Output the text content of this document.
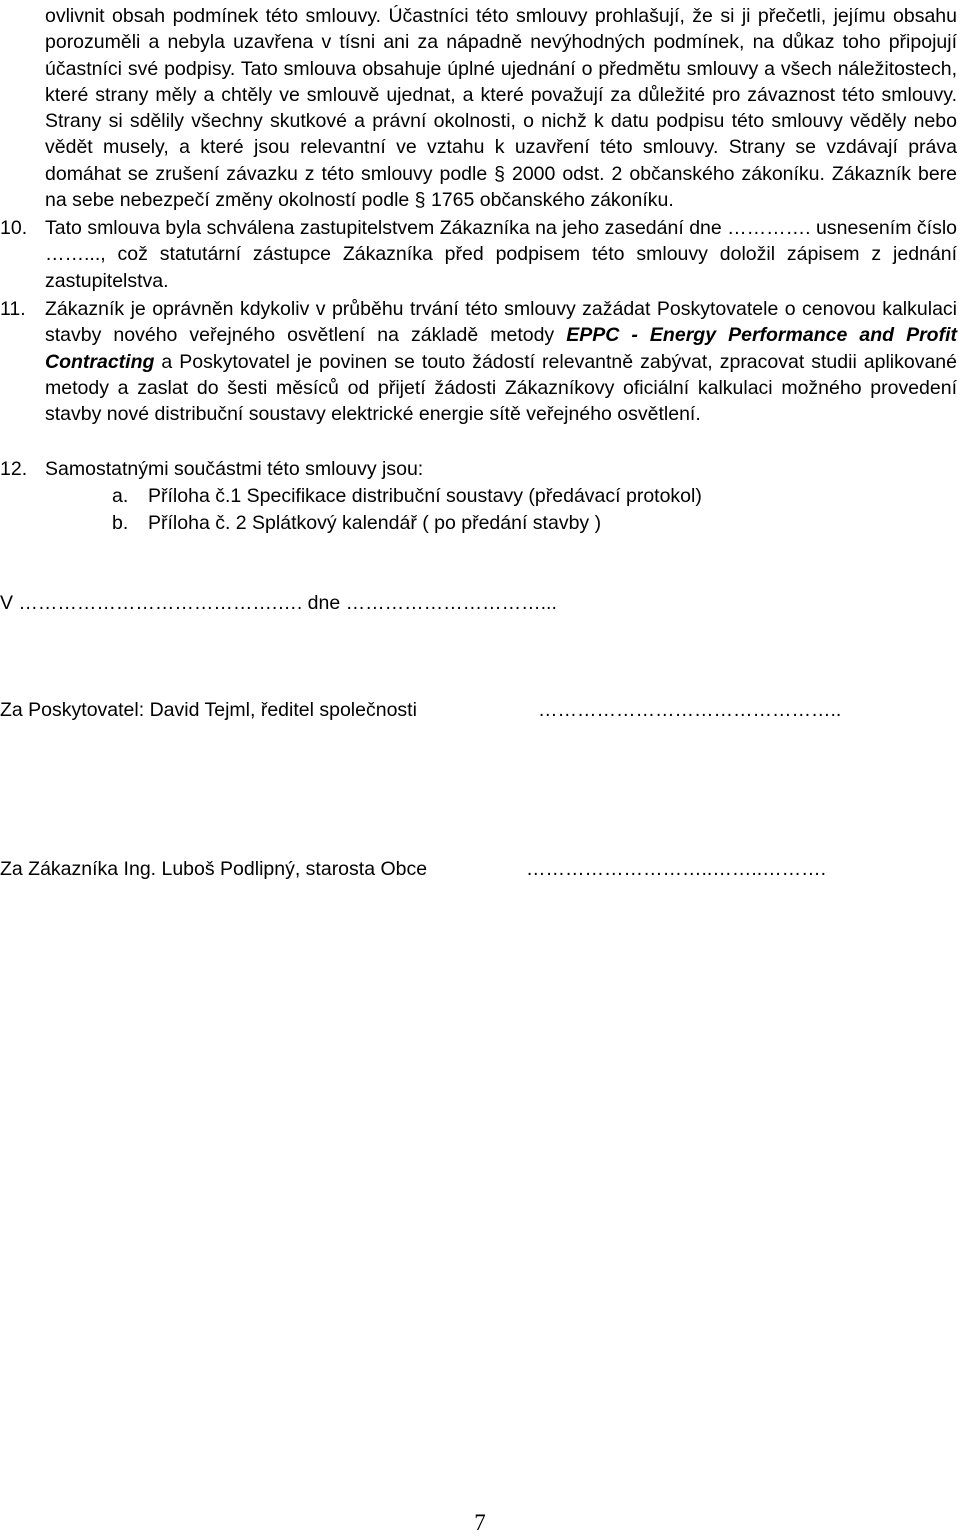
ovlivnit obsah podmínek této smlouvy. Účastníci této smlouvy prohlašují, že si ji přečetli, jejímu obsahu porozuměli a nebyla uzavřena v tísni ani za nápadně nevýhodných podmínek, na důkaz toho připojují účastníci své podpisy. Tato smlouva obsahuje úplné ujednání o předmětu smlouvy a všech náležitostech, které strany měly a chtěly ve smlouvě ujednat, a které považují za důležité pro závaznost této smlouvy. Strany si sdělily všechny skutkové a právní okolnosti, o nichž k datu podpisu této smlouvy věděly nebo vědět musely, a které jsou relevantní ve vztahu k uzavření této smlouvy. Strany se vzdávají práva domáhat se zrušení závazku z této smlouvy podle § 2000 odst. 2 občanského zákoníku. Zákazník bere na sebe nebezpečí změny okolností podle § 1765 občanského zákoníku.

10. Tato smlouva byla schválena zastupitelstvem Zákazníka na jeho zasedání dne …………. usnesením číslo ……..., což statutární zástupce Zákazníka před podpisem této smlouvy doložil zápisem z jednání zastupitelstva.

11. Zákazník je oprávněn kdykoliv v průběhu trvání této smlouvy zažádat Poskytovatele o cenovou kalkulaci stavby nového veřejného osvětlení na základě metody EPPC - Energy Performance and Profit Contracting a Poskytovatel je povinen se touto žádostí relevantně zabývat, zpracovat studii aplikované metody a zaslat do šesti měsíců od přijetí žádosti Zákazníkovy oficiální kalkulaci možného provedení stavby nové distribuční soustavy elektrické energie sítě veřejného osvětlení.

12. Samostatnými součástmi této smlouvy jsou:

a. Příloha č.1 Specifikace distribuční soustavy (předávací protokol)
b. Příloha č. 2 Splátkový kalendář ( po předání stavby )
V ………………………………….…. dne …………………………...
Za Poskytovatel: David Tejml, ředitel společnosti	………………………………………..
Za Zákazníka Ing. Luboš Podlipný, starosta Obce	………………………..……..……….
7
